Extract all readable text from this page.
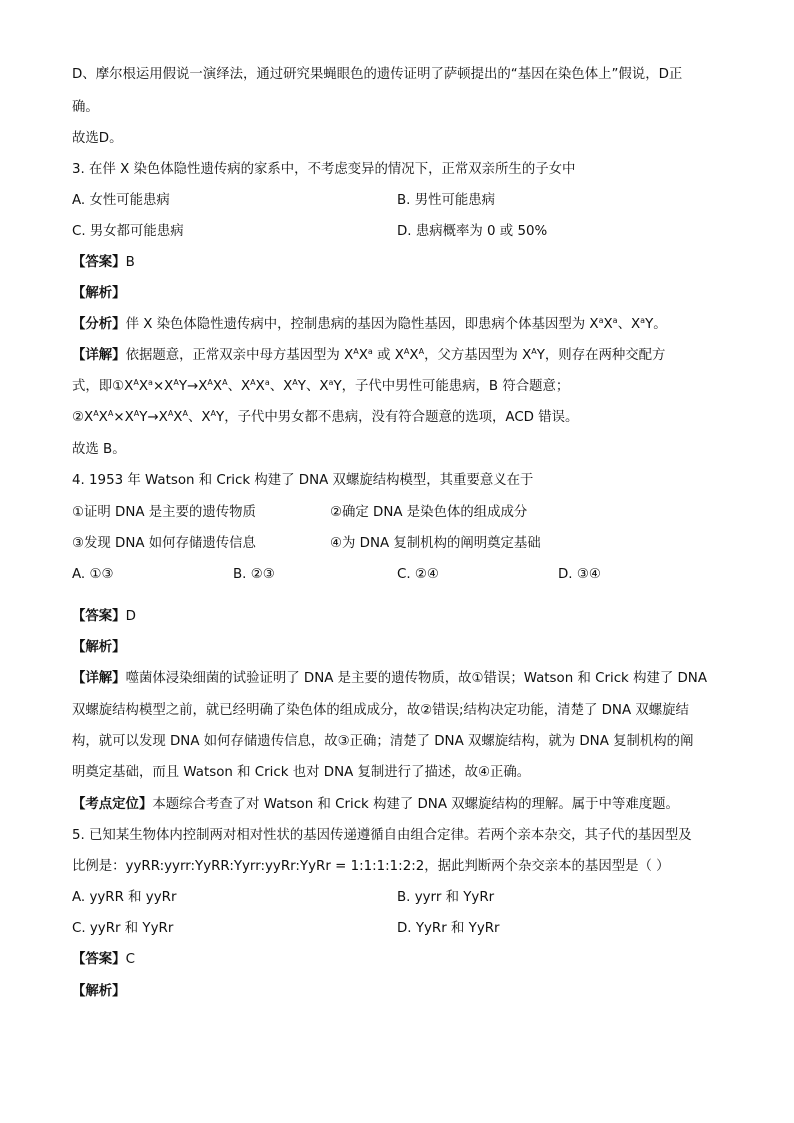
D、摩尔根运用假说一演绎法，通过研究果蝇眼色的遗传证明了萨顿提出的“基因在染色体上”假说，D正
确。
故选D。
3. 在伴 X 染色体隐性遗传病的家系中，不考虑变异的情况下，正常双亲所生的子女中
A. 女性可能患病	B. 男性可能患病
C. 男女都可能患病	D. 患病概率为 0 或 50%
【答案】B
【解析】
【分析】伴 X 染色体隐性遗传病中，控制患病的基因为隐性基因，即患病个体基因型为 $X^aX^a$、$X^aY$。
【详解】依据题意，正常双亲中母方基因型为 $X^AX^a$ 或 $X^AX^A$，父方基因型为 $X^AY$，则存在两种交配方
式，即$①X^AX^a\times X^AY\to X^AX^A$、$X^AX^a$、$X^AY$、$X^aY$，子代中男性可能患病，B 符合题意；
$②X^AX^A\times X^AY\to X^AX^A$、$X^AY$，子代中男女都不患病，没有符合题意的选项，ACD 错误。
故选 B。
4. 1953 年 Watson 和 Crick 构建了 DNA 双螺旋结构模型，其重要意义在于
①证明 DNA 是主要的遗传物质	②确定 DNA 是染色体的组成成分
③发现 DNA 如何存储遗传信息	④为 DNA 复制机构的阐明奠定基础
A. ①③	B. ②③	C. ②④	D. ③④
【答案】D
【解析】
【详解】噬菌体浸染细菌的试验证明了 DNA 是主要的遗传物质，故①错误；Watson 和 Crick 构建了 DNA
双螺旋结构模型之前，就已经明确了染色体的组成成分，故②错误;结构决定功能，清楚了 DNA 双螺旋结
构，就可以发现 DNA 如何存储遗传信息，故③正确；清楚了 DNA 双螺旋结构，就为 DNA 复制机构的阐
明奠定基础，而且 Watson 和 Crick 也对 DNA 复制进行了描述，故④正确。
【考点定位】本题综合考查了对 Watson 和 Crick 构建了 DNA 双螺旋结构的理解。属于中等难度题。
5. 已知某生物体内控制两对相对性状的基因传递遵循自由组合定律。若两个亲本杂交，其子代的基因型及
比例是：yyRR:yyrr:YyRR:Yyrr:yyRr:YyRr = 1:1:1:1:2:2，据此判断两个杂交亲本的基因型是（ ）
A. yyRR 和 yyRr	B. yyrr 和 YyRr
C. yyRr 和 YyRr	D. YyRr 和 YyRr
【答案】C
【解析】
